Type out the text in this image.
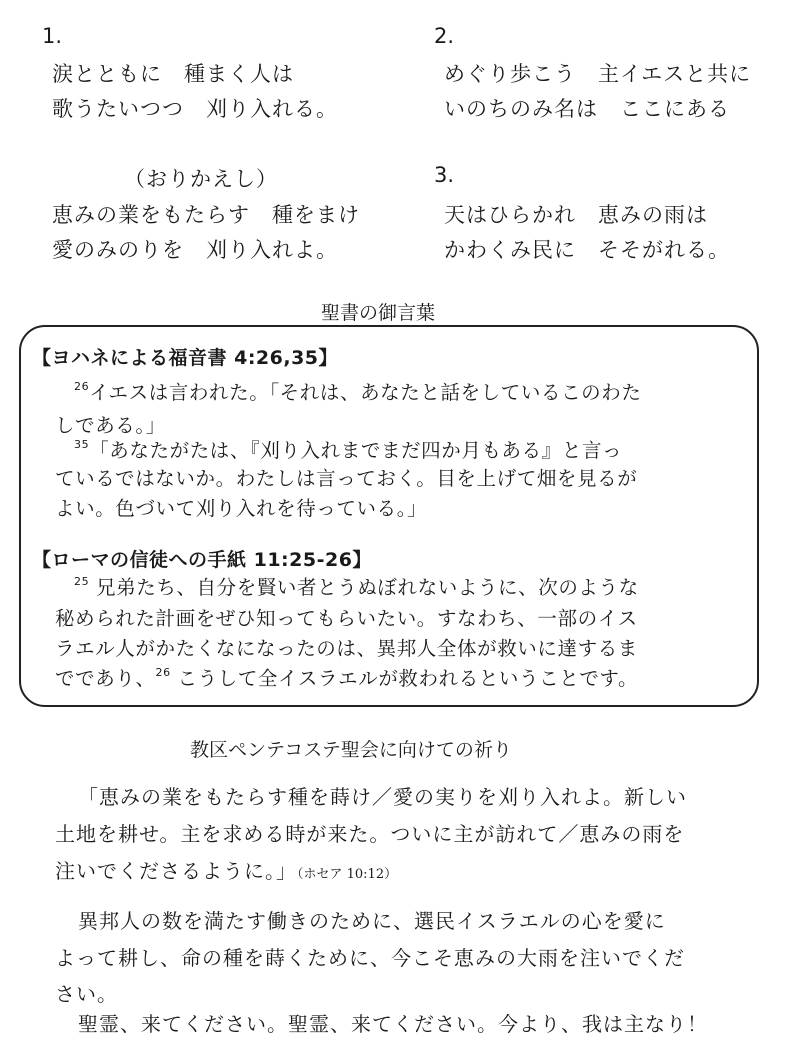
1.
涙とともに　種まく人は
歌うたいつつ　刈り入れる。
2.
めぐり歩こう　主イエスと共に
いのちのみ名は　ここにある
（おりかえし）
恵みの業をもたらす　種をまけ
愛のみのりを　刈り入れよ。
3.
天はひらかれ　恵みの雨は
かわくみ民に　そそがれる。
聖書の御言葉
【ヨハネによる福音書 4:26,35】
$^{26}$イエスは言われた。「それは、あなたと話をしているこのわた
しである。」
$^{35}$「あなたがたは、『刈り入れまでまだ四か月もある』と言っ
ているではないか。わたしは言っておく。目を上げて畑を見るが
よい。色づいて刈り入れを待っている。」
【ローマの信徒への手紙 11:25-26】
$^{25}$ 兄弟たち、自分を賢い者とうぬぼれないように、次のような
秘められた計画をぜひ知ってもらいたい。すなわち、一部のイス
ラエル人がかたくなになったのは、異邦人全体が救いに達するま
でであり、$^{26}$ こうして全イスラエルが救われるということです。
教区ペンテコステ聖会に向けての祈り
「恵みの業をもたらす種を蒔け／愛の実りを刈り入れよ。新しい
土地を耕せ。主を求める時が来た。ついに主が訪れて／恵みの雨を
注いでくださるように。」（ホセア 10:12）
異邦人の数を満たす働きのために、選民イスラエルの心を愛に
よって耕し、命の種を蒔くために、今こそ恵みの大雨を注いでくだ
さい。
聖霊、来てください。聖霊、来てください。今より、我は主なり！
